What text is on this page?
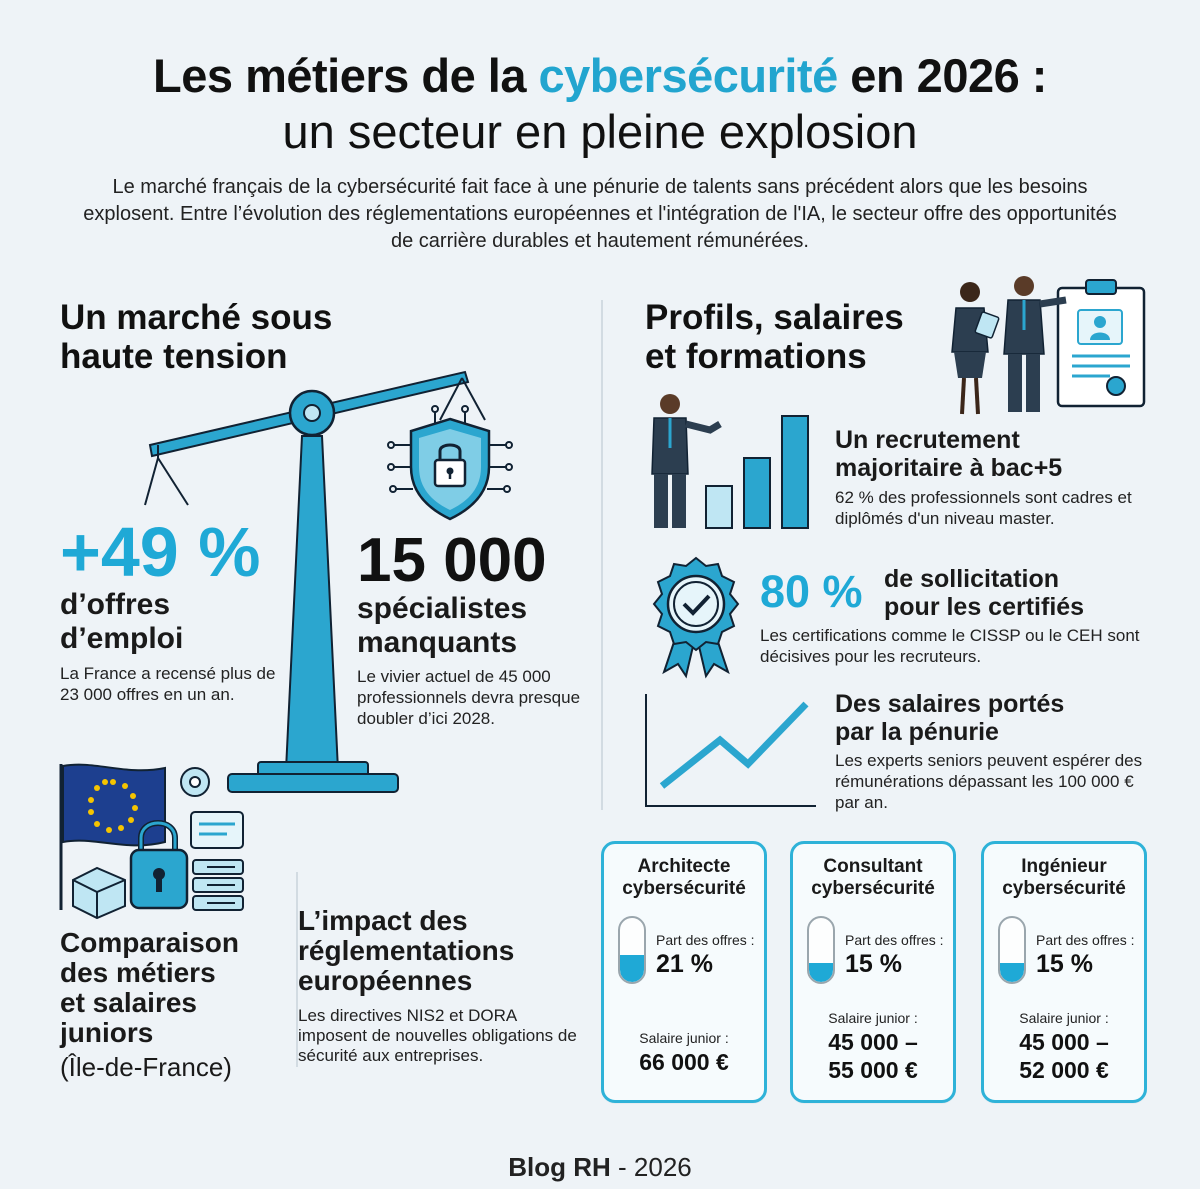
Les métiers de la cybersécurité en 2026 :
un secteur en pleine explosion
Le marché français de la cybersécurité fait face à une pénurie de talents sans précédent alors que les besoins explosent. Entre l’évolution des réglementations européennes et l'intégration de l'IA, le secteur offre des opportunités de carrière durables et hautement rémunérées.
Un marché sous
haute tension
+49 %
d’offres
d’emploi
La France a recensé plus de 23 000 offres en un an.
15 000
spécialistes
manquants
Le vivier actuel de 45 000 professionnels devra presque doubler d’ici 2028.
Comparaison
des métiers
et salaires
juniors
(Île-de-France)
L’impact des
réglementations
européennes
Les directives NIS2 et DORA imposent de nouvelles obligations de sécurité aux entreprises.
Profils, salaires
et formations
Un recrutement
majoritaire à bac+5
62 % des professionnels sont cadres et diplômés d'un niveau master.
80 % de sollicitation
pour les certifiés
Les certifications comme le CISSP ou le CEH sont décisives pour les recruteurs.
Des salaires portés
par la pénurie
Les experts seniors peuvent espérer des rémunérations dépassant les 100 000 € par an.
Architecte
cybersécurité
Part des offres :
21 %
Salaire junior :
66 000 €
Consultant
cybersécurité
Part des offres :
15 %
Salaire junior :
45 000 –
55 000 €
Ingénieur
cybersécurité
Part des offres :
15 %
Salaire junior :
45 000 –
52 000 €
Blog RH - 2026
